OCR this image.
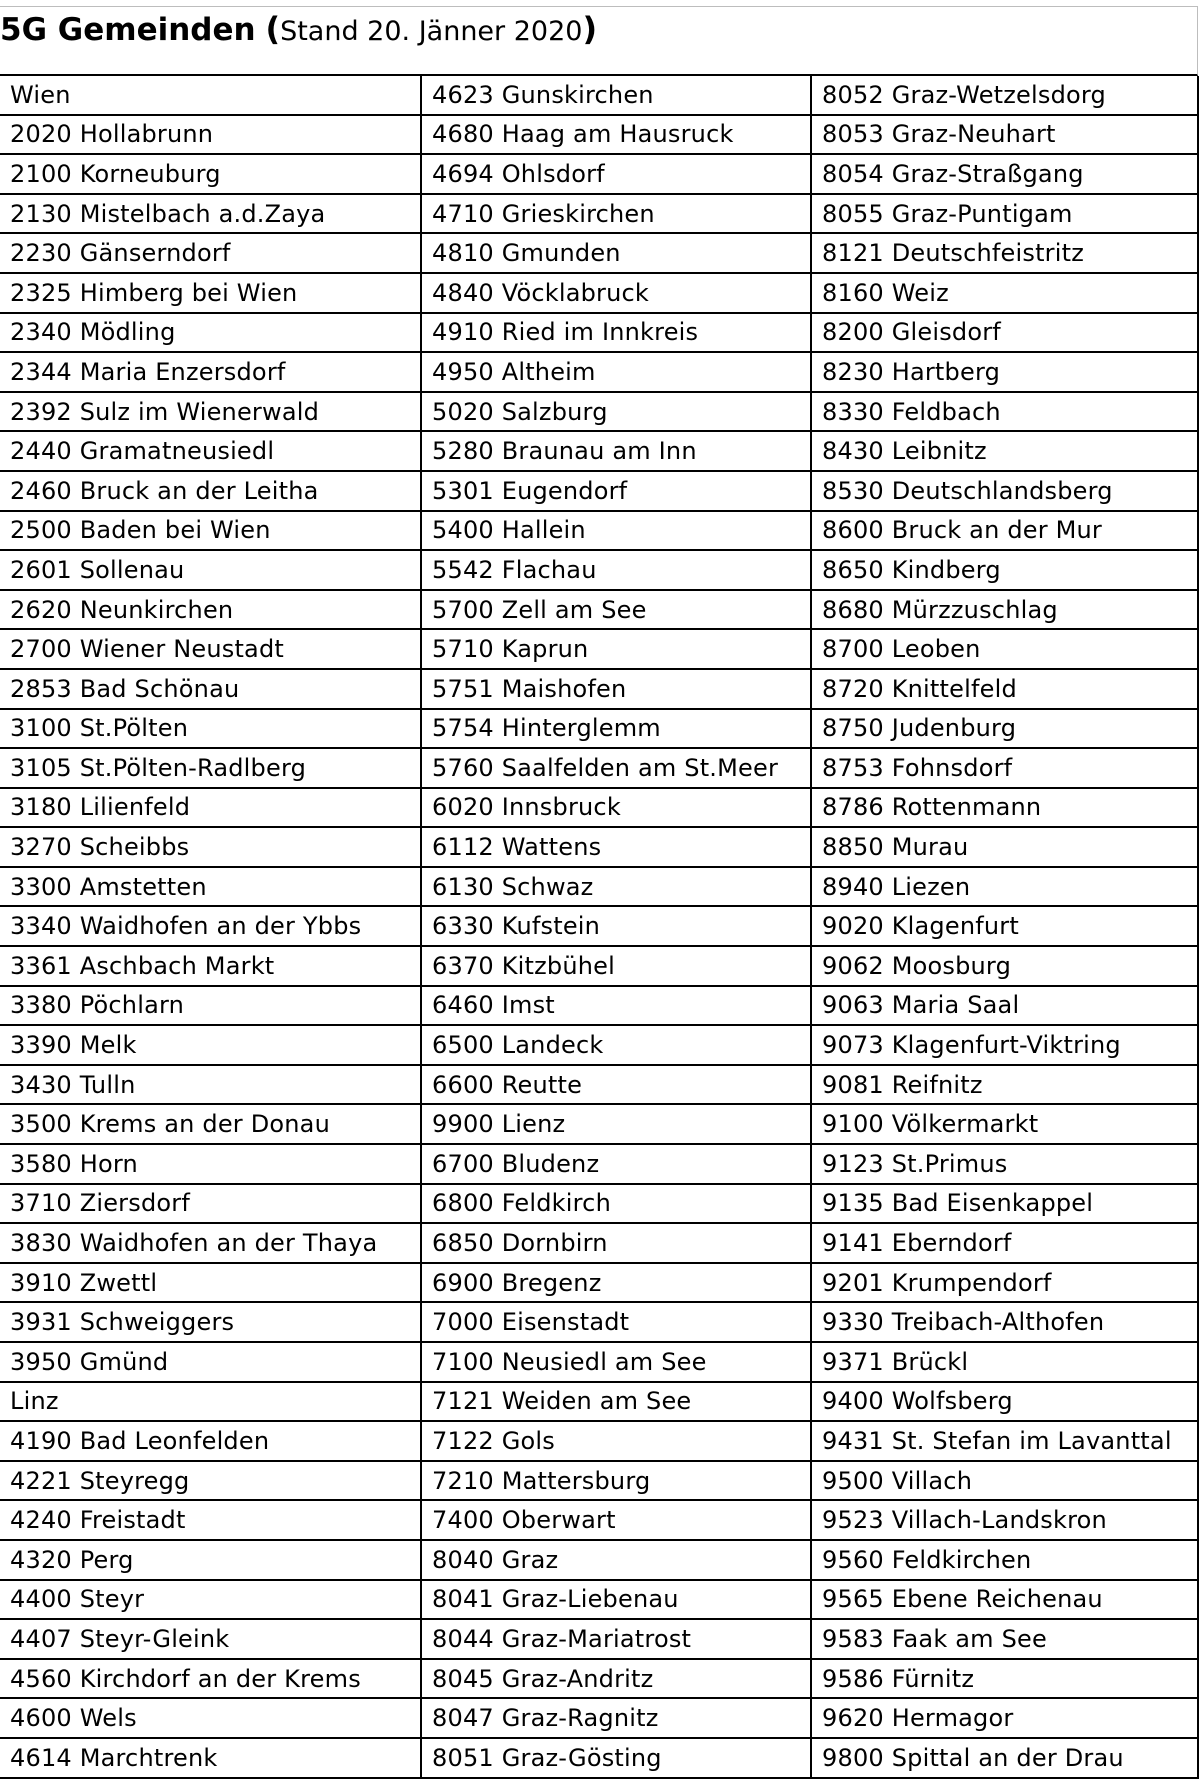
5G Gemeinden (Stand 20. Jänner 2020)
Wien	4623 Gunskirchen	8052 Graz-Wetzelsdorg
2020 Hollabrunn	4680 Haag am Hausruck	8053 Graz-Neuhart
2100 Korneuburg	4694 Ohlsdorf	8054 Graz-Straßgang
2130 Mistelbach a.d.Zaya	4710 Grieskirchen	8055 Graz-Puntigam
2230 Gänserndorf	4810 Gmunden	8121 Deutschfeistritz
2325 Himberg bei Wien	4840 Vöcklabruck	8160 Weiz
2340 Mödling	4910 Ried im Innkreis	8200 Gleisdorf
2344 Maria Enzersdorf	4950 Altheim	8230 Hartberg
2392 Sulz im Wienerwald	5020 Salzburg	8330 Feldbach
2440 Gramatneusiedl	5280 Braunau am Inn	8430 Leibnitz
2460 Bruck an der Leitha	5301 Eugendorf	8530 Deutschlandsberg
2500 Baden bei Wien	5400 Hallein	8600 Bruck an der Mur
2601 Sollenau	5542 Flachau	8650 Kindberg
2620 Neunkirchen	5700 Zell am See	8680 Mürzzuschlag
2700 Wiener Neustadt	5710 Kaprun	8700 Leoben
2853 Bad Schönau	5751 Maishofen	8720 Knittelfeld
3100 St.Pölten	5754 Hinterglemm	8750 Judenburg
3105 St.Pölten-Radlberg	5760 Saalfelden am St.Meer	8753 Fohnsdorf
3180 Lilienfeld	6020 Innsbruck	8786 Rottenmann
3270 Scheibbs	6112 Wattens	8850 Murau
3300 Amstetten	6130 Schwaz	8940 Liezen
3340 Waidhofen an der Ybbs	6330 Kufstein	9020 Klagenfurt
3361 Aschbach Markt	6370 Kitzbühel	9062 Moosburg
3380 Pöchlarn	6460 Imst	9063 Maria Saal
3390 Melk	6500 Landeck	9073 Klagenfurt-Viktring
3430 Tulln	6600 Reutte	9081 Reifnitz
3500 Krems an der Donau	9900 Lienz	9100 Völkermarkt
3580 Horn	6700 Bludenz	9123 St.Primus
3710 Ziersdorf	6800 Feldkirch	9135 Bad Eisenkappel
3830 Waidhofen an der Thaya	6850 Dornbirn	9141 Eberndorf
3910 Zwettl	6900 Bregenz	9201 Krumpendorf
3931 Schweiggers	7000 Eisenstadt	9330 Treibach-Althofen
3950 Gmünd	7100 Neusiedl am See	9371 Brückl
Linz	7121 Weiden am See	9400 Wolfsberg
4190 Bad Leonfelden	7122 Gols	9431 St. Stefan im Lavanttal
4221 Steyregg	7210 Mattersburg	9500 Villach
4240 Freistadt	7400 Oberwart	9523 Villach-Landskron
4320 Perg	8040 Graz	9560 Feldkirchen
4400 Steyr	8041 Graz-Liebenau	9565 Ebene Reichenau
4407 Steyr-Gleink	8044 Graz-Mariatrost	9583 Faak am See
4560 Kirchdorf an der Krems	8045 Graz-Andritz	9586 Fürnitz
4600 Wels	8047 Graz-Ragnitz	9620 Hermagor
4614 Marchtrenk	8051 Graz-Gösting	9800 Spittal an der Drau
